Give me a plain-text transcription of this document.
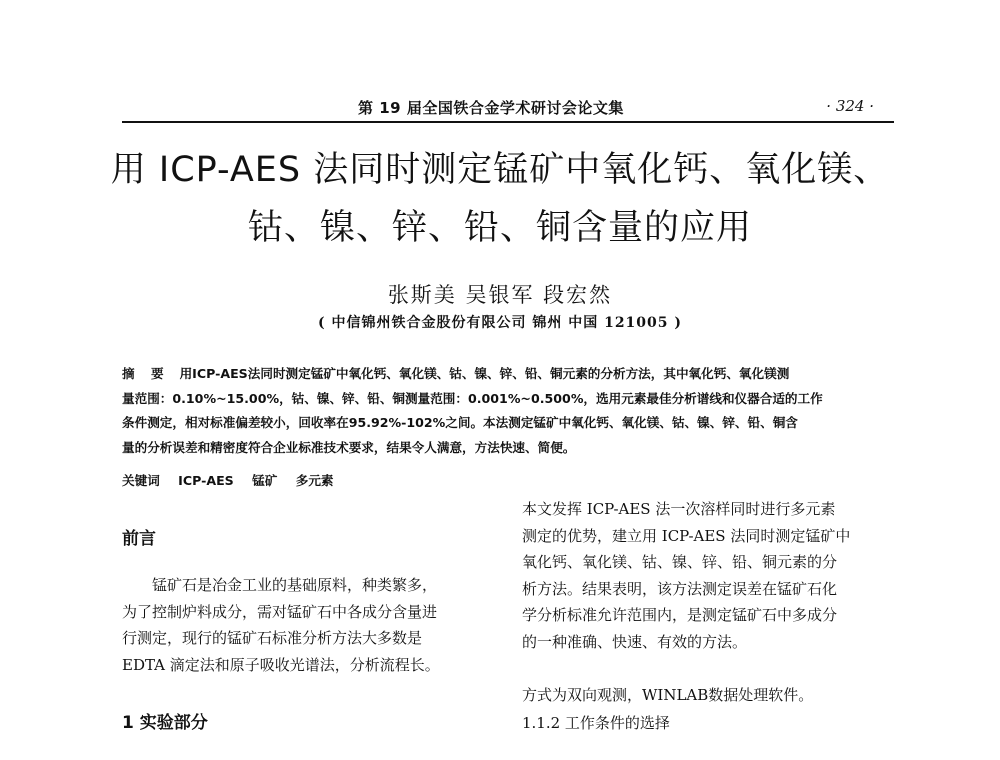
第 19 届全国铁合金学术研讨会论文集	· 324 ·
用 ICP-AES 法同时测定锰矿中氧化钙、氧化镁、
钴、镍、锌、铅、铜含量的应用
张斯美 吴银军 段宏然
( 中信锦州铁合金股份有限公司 锦州 中国 121005 )
摘 要 用ICP-AES法同时测定锰矿中氧化钙、氧化镁、钴、镍、锌、铅、铜元素的分析方法，其中氧化钙、氧化镁测
量范围：0.10%~15.00%，钴、镍、锌、铅、铜测量范围：0.001%~0.500%，选用元素最佳分析谱线和仪器合适的工作
条件测定，相对标准偏差较小，回收率在95.92%-102%之间。本法测定锰矿中氧化钙、氧化镁、钴、镍、锌、铅、铜含
量的分析误差和精密度符合企业标准技术要求，结果令人满意，方法快速、简便。
关键词 ICP-AES 锰矿 多元素
前言
锰矿石是冶金工业的基础原料，种类繁多，
为了控制炉料成分，需对锰矿石中各成分含量进
行测定，现行的锰矿石标准分析方法大多数是
EDTA 滴定法和原子吸收光谱法，分析流程长。
1 实验部分
本文发挥 ICP-AES 法一次溶样同时进行多元素
测定的优势，建立用 ICP-AES 法同时测定锰矿中
氧化钙、氧化镁、钴、镍、锌、铅、铜元素的分
析方法。结果表明，该方法测定误差在锰矿石化
学分析标准允许范围内，是测定锰矿石中多成分
的一种准确、快速、有效的方法。
方式为双向观测，WINLAB数据处理软件。
1.1.2 工作条件的选择
